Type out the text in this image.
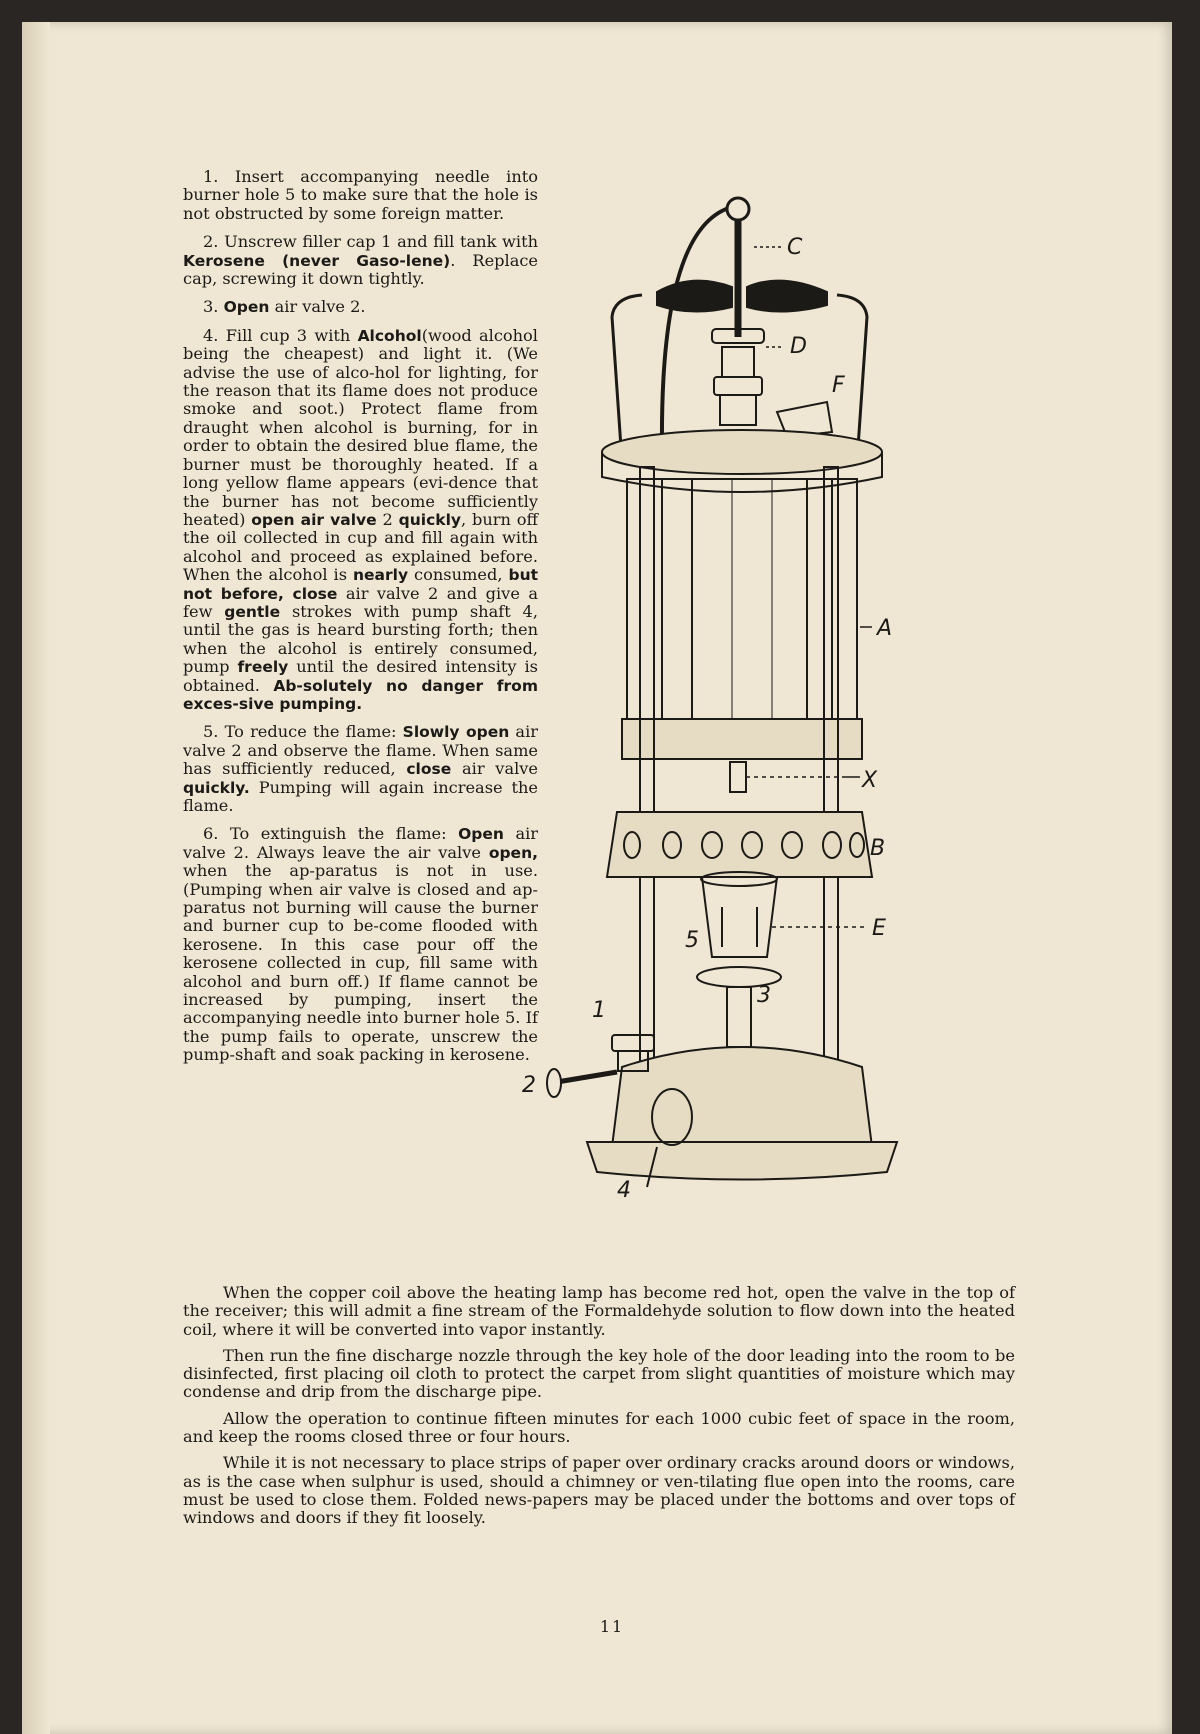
1. Insert accompanying needle into burner hole 5 to make sure that the hole is not obstructed by some foreign matter.

2. Unscrew filler cap 1 and fill tank with Kerosene (never Gaso-lene). Replace cap, screwing it down tightly.

3. Open air valve 2.

4. Fill cup 3 with Alcohol(wood alcohol being the cheapest) and light it. (We advise the use of alco-hol for lighting, for the reason that its flame does not produce smoke and soot.) Protect flame from draught when alcohol is burning, for in order to obtain the desired blue flame, the burner must be thoroughly heated. If a long yellow flame appears (evi-dence that the burner has not become sufficiently heated) open air valve 2 quickly, burn off the oil collected in cup and fill again with alcohol and proceed as explained before. When the alcohol is nearly consumed, but not before, close air valve 2 and give a few gentle strokes with pump shaft 4, until the gas is heard bursting forth; then when the alcohol is entirely consumed, pump freely until the desired intensity is obtained. Ab-solutely no danger from exces-sive pumping.

5. To reduce the flame: Slowly open air valve 2 and observe the flame. When same has sufficiently reduced, close air valve quickly. Pumping will again increase the flame.

6. To extinguish the flame: Open air valve 2. Always leave the air valve open, when the ap-paratus is not in use. (Pumping when air valve is closed and ap-paratus not burning will cause the burner and burner cup to be-come flooded with kerosene. In this case pour off the kerosene collected in cup, fill same with alcohol and burn off.) If flame cannot be increased by pumping, insert the accompanying needle into burner hole 5. If the pump fails to operate, unscrew the pump-shaft and soak packing in kerosene.

C
D
F
A
X
B
E
5
3
1
2
4

When the copper coil above the heating lamp has become red hot, open the valve in the top of the receiver; this will admit a fine stream of the Formaldehyde solution to flow down into the heated coil, where it will be converted into vapor instantly.

Then run the fine discharge nozzle through the key hole of the door leading into the room to be disinfected, first placing oil cloth to protect the carpet from slight quantities of moisture which may condense and drip from the discharge pipe.

Allow the operation to continue fifteen minutes for each 1000 cubic feet of space in the room, and keep the rooms closed three or four hours.

While it is not necessary to place strips of paper over ordinary cracks around doors or windows, as is the case when sulphur is used, should a chimney or ven-tilating flue open into the rooms, care must be used to close them. Folded news-papers may be placed under the bottoms and over tops of windows and doors if they fit loosely.

11
